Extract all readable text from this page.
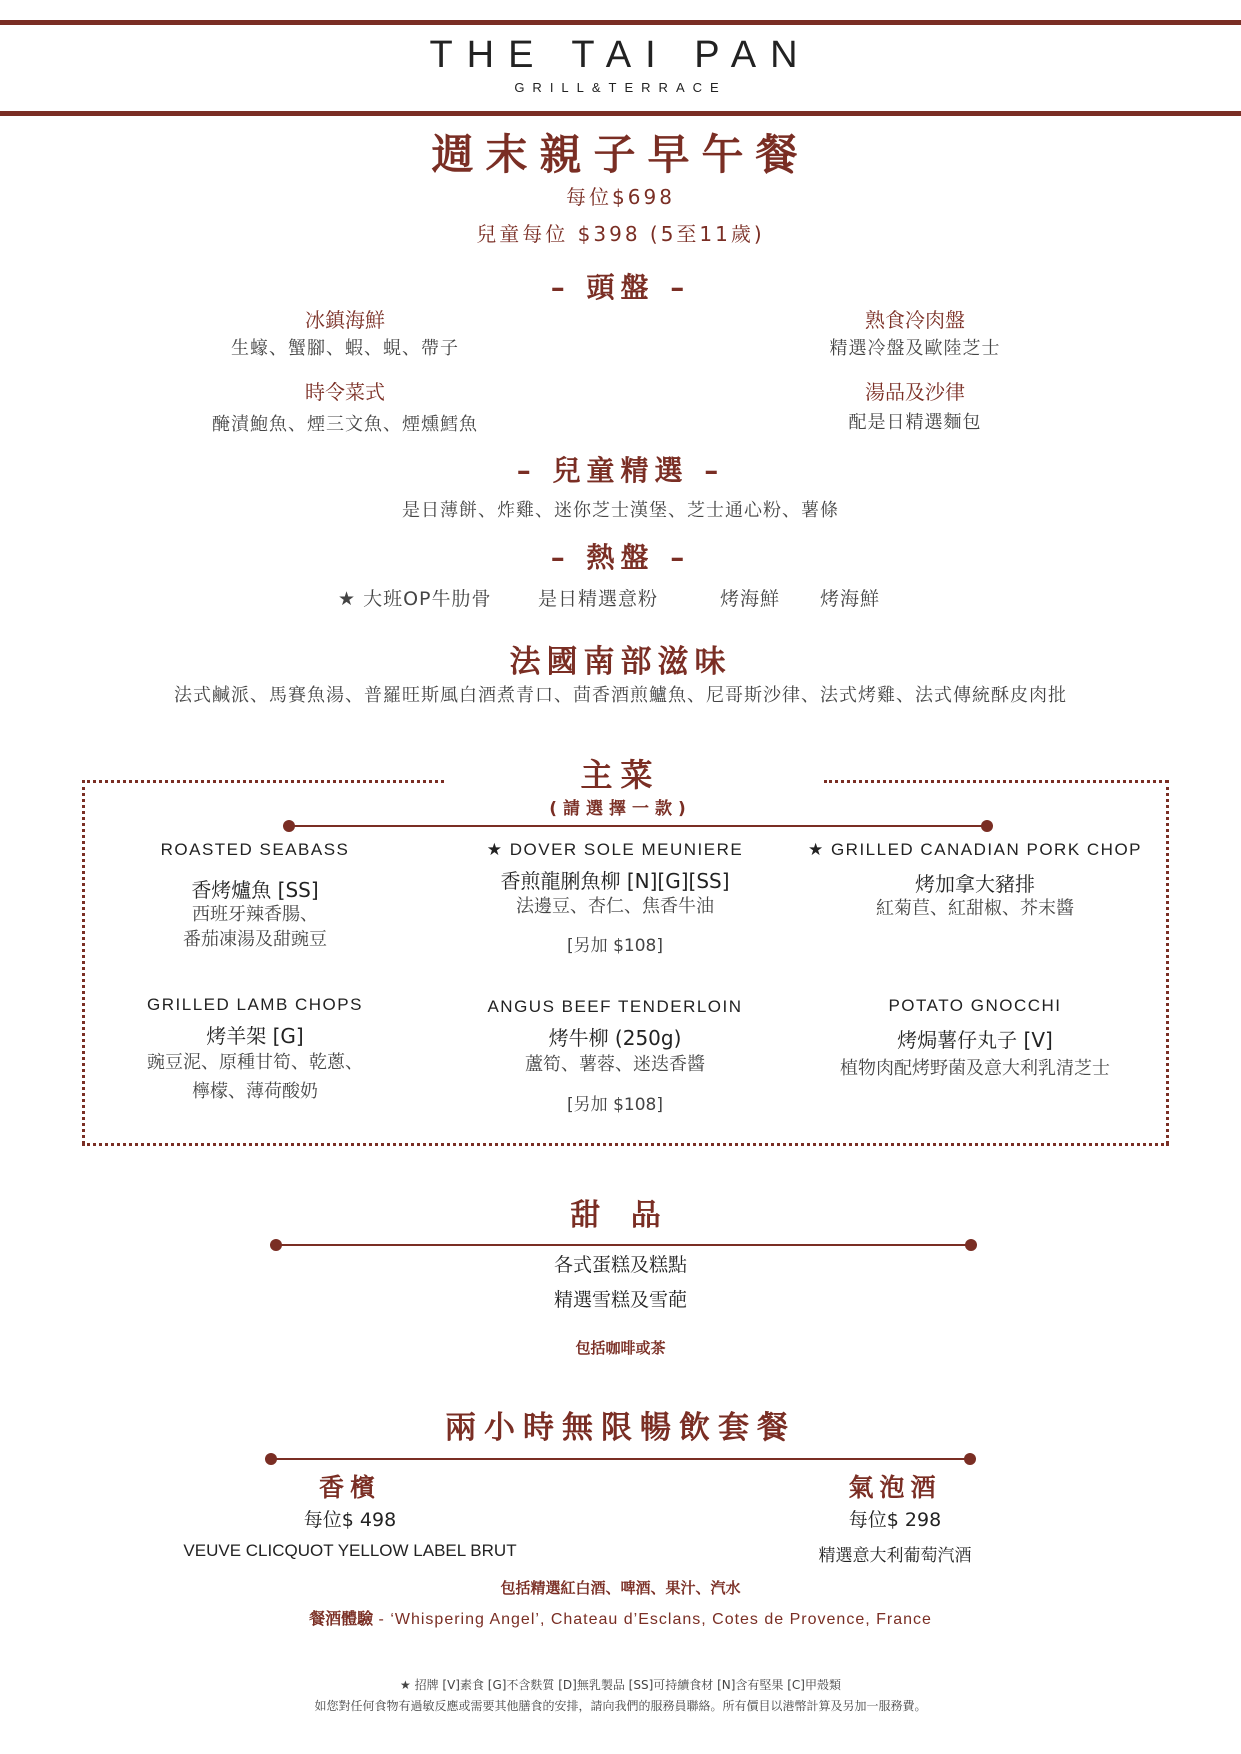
THE TAI PAN
GRILL&TERRACE
週末親子早午餐
每位$698
兒童每位 $398 (5至11歲)
– 頭盤 –
冰鎮海鮮
生蠔、蟹腳、蝦、蜆、帶子
熟食冷肉盤
精選冷盤及歐陸芝士
時令菜式
醃漬鮑魚、煙三文魚、煙燻鱈魚
湯品及沙律
配是日精選麵包
– 兒童精選 –
是日薄餅、炸雞、迷你芝士漢堡、芝士通心粉、薯條
– 熱盤 –
★ 大班OP牛肋骨 是日精選意粉	烤海鮮 烤海鮮
法國南部滋味
法式鹹派、馬賽魚湯、普羅旺斯風白酒煮青口、茴香酒煎鱸魚、尼哥斯沙律、法式烤雞、法式傳統酥皮肉批
主菜
(請選擇一款)
ROASTED SEABASS
香烤爐魚 [SS]
西班牙辣香腸、
番茄凍湯及甜豌豆
★ DOVER SOLE MEUNIERE
香煎龍脷魚柳 [N][G][SS]
法邊豆、杏仁、焦香牛油
[另加 $108]
★ GRILLED CANADIAN PORK CHOP
烤加拿大豬排
紅菊苣、紅甜椒、芥末醬
GRILLED LAMB CHOPS
烤羊架 [G]
豌豆泥、原種甘筍、乾蔥、
檸檬、薄荷酸奶
ANGUS BEEF TENDERLOIN
烤牛柳 (250g)
蘆筍、薯蓉、迷迭香醬
[另加 $108]
POTATO GNOCCHI
烤焗薯仔丸子 [V]
植物肉配烤野菌及意大利乳清芝士
甜 品
各式蛋糕及糕點
精選雪糕及雪葩
包括咖啡或茶
兩小時無限暢飲套餐
香檳
每位$ 498
VEUVE CLICQUOT YELLOW LABEL BRUT
氣泡酒
每位$ 298
精選意大利葡萄汽酒
包括精選紅白酒、啤酒、果汁、汽水
餐酒體驗 - ‘Whispering Angel’, Chateau d’Esclans, Cotes de Provence, France
★ 招牌 [V]素食 [G]不含麩質 [D]無乳製品 [SS]可持續食材 [N]含有堅果 [C]甲殼類
如您對任何食物有過敏反應或需要其他膳食的安排，請向我們的服務員聯絡。所有價目以港幣計算及另加一服務費。
